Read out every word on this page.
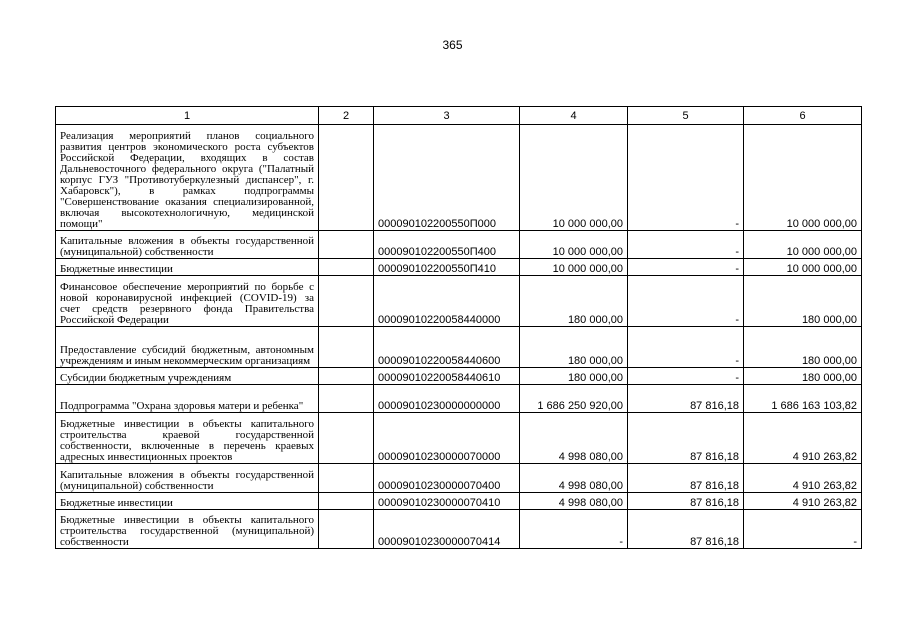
365
1	2	3	4	5	6
Реализация мероприятий планов социального развития центров экономического роста субъектов Российской Федерации, входящих в состав Дальневосточного федерального округа ("Палатный корпус ГУЗ "Противотуберкулезный диспансер", г. Хабаровск"), в рамках подпрограммы "Совершенствование оказания специализированной, включая высокотехнологичную, медицинской помощи"		000090102200550П000	10 000 000,00	-	10 000 000,00
Капитальные вложения в объекты государственной (муниципальной) собственности		000090102200550П400	10 000 000,00	-	10 000 000,00
Бюджетные инвестиции		000090102200550П410	10 000 000,00	-	10 000 000,00
Финансовое обеспечение мероприятий по борьбе с новой коронавирусной инфекцией (COVID-19) за счет средств резервного фонда Правительства Российской Федерации		00009010220058440000	180 000,00	-	180 000,00
Предоставление субсидий бюджетным, автономным учреждениям и иным некоммерческим организациям		00009010220058440600	180 000,00	-	180 000,00
Субсидии бюджетным учреждениям		00009010220058440610	180 000,00	-	180 000,00
Подпрограмма "Охрана здоровья матери и ребенка"		00009010230000000000	1 686 250 920,00	87 816,18	1 686 163 103,82
Бюджетные инвестиции в объекты капитального строительства краевой государственной собственности, включенные в перечень краевых адресных инвестиционных проектов		00009010230000070000	4 998 080,00	87 816,18	4 910 263,82
Капитальные вложения в объекты государственной (муниципальной) собственности		00009010230000070400	4 998 080,00	87 816,18	4 910 263,82
Бюджетные инвестиции		00009010230000070410	4 998 080,00	87 816,18	4 910 263,82
Бюджетные инвестиции в объекты капитального строительства государственной (муниципальной) собственности		00009010230000070414	-	87 816,18	-
